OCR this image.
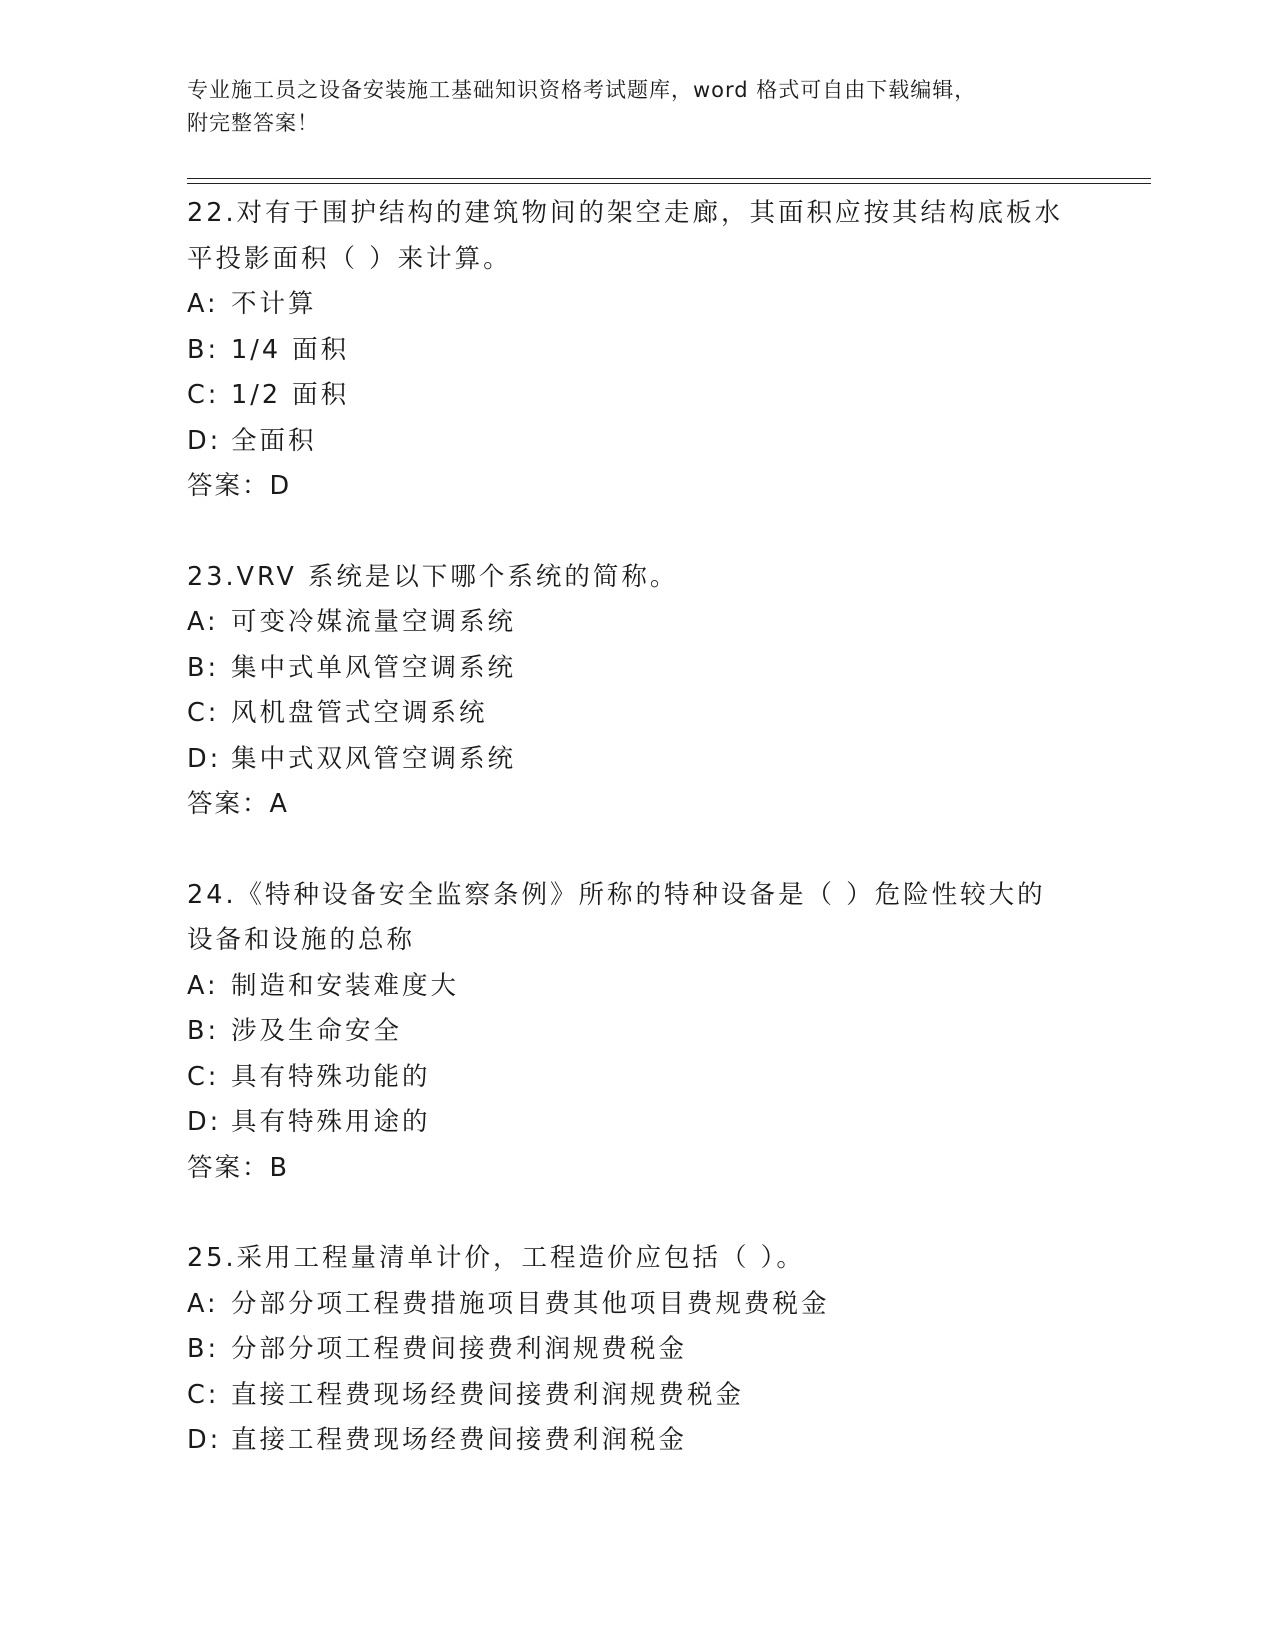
专业施工员之设备安装施工基础知识资格考试题库，word 格式可自由下载编辑，
附完整答案！
22.对有于围护结构的建筑物间的架空走廊，其面积应按其结构底板水
平投影面积（ ）来计算。
A: 不计算
B: 1/4 面积
C: 1/2 面积
D: 全面积
答案：D
23.VRV 系统是以下哪个系统的简称。
A: 可变冷媒流量空调系统
B: 集中式单风管空调系统
C: 风机盘管式空调系统
D: 集中式双风管空调系统
答案：A
24.《特种设备安全监察条例》所称的特种设备是（ ）危险性较大的
设备和设施的总称
A: 制造和安装难度大
B: 涉及生命安全
C: 具有特殊功能的
D: 具有特殊用途的
答案：B
25.采用工程量清单计价，工程造价应包括（ ）。
A: 分部分项工程费措施项目费其他项目费规费税金
B: 分部分项工程费间接费利润规费税金
C: 直接工程费现场经费间接费利润规费税金
D: 直接工程费现场经费间接费利润税金
